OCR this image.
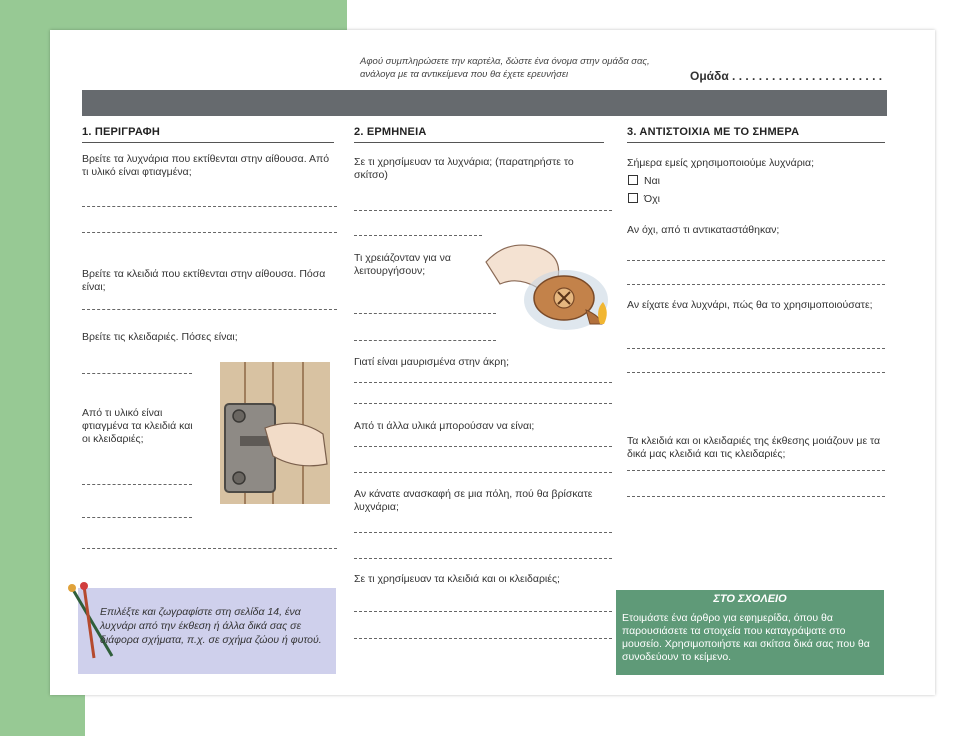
Αφού συμπληρώσετε την καρτέλα, δώστε ένα όνομα στην ομάδα σας, ανάλογα με τα αντικείμενα που θα έχετε ερευνήσει	Ομάδα . . . . . . . . . . . . . . . . . . . . . . .
1. ΠΕΡΙΓΡΑΦΗ
Βρείτε τα λυχνάρια που εκτίθενται στην αίθουσα. Από τι υλικό είναι φτιαγμένα;
Βρείτε τα κλειδιά που εκτίθενται στην αίθουσα. Πόσα είναι;
Βρείτε τις κλειδαριές. Πόσες είναι;
Από τι υλικό είναι φτιαγμένα τα κλειδιά και οι κλειδαριές;
2. ΕΡΜΗΝΕΙΑ
Σε τι χρησίμευαν τα λυχνάρια; (παρατηρήστε το σκίτσο)
Τι χρειάζονταν για να λειτουργήσουν;
Γιατί είναι μαυρισμένα στην άκρη;
Από τι άλλα υλικά μπορούσαν να είναι;
Αν κάνατε ανασκαφή σε μια πόλη, πού θα βρίσκατε λυχνάρια;
Σε τι χρησίμευαν τα κλειδιά και οι κλειδαριές;
3. ΑΝΤΙΣΤΟΙΧΙΑ ΜΕ ΤΟ ΣΗΜΕΡΑ
Σήμερα εμείς χρησιμοποιούμε λυχνάρια;
Ναι
Όχι
Αν όχι, από τι αντικαταστάθηκαν;
Αν είχατε ένα λυχνάρι, πώς θα το χρησιμοποιούσατε;
Τα κλειδιά και οι κλειδαριές της έκθεσης μοιάζουν με τα δικά μας κλειδιά και τις κλειδαριές;
Επιλέξτε και ζωγραφίστε στη σελίδα 14, ένα λυχνάρι από την έκθεση ή άλλα δικά σας σε διάφορα σχήματα, π.χ. σε σχήμα ζώου ή φυτού.
ΣΤΟ ΣΧΟΛΕΙΟ
Ετοιμάστε ένα άρθρο για εφημερίδα, όπου θα παρουσιάσετε τα στοιχεία που καταγράψατε στο μουσείο. Χρησιμοποιήστε και σκίτσα δικά σας που θα συνοδεύουν το κείμενο.
